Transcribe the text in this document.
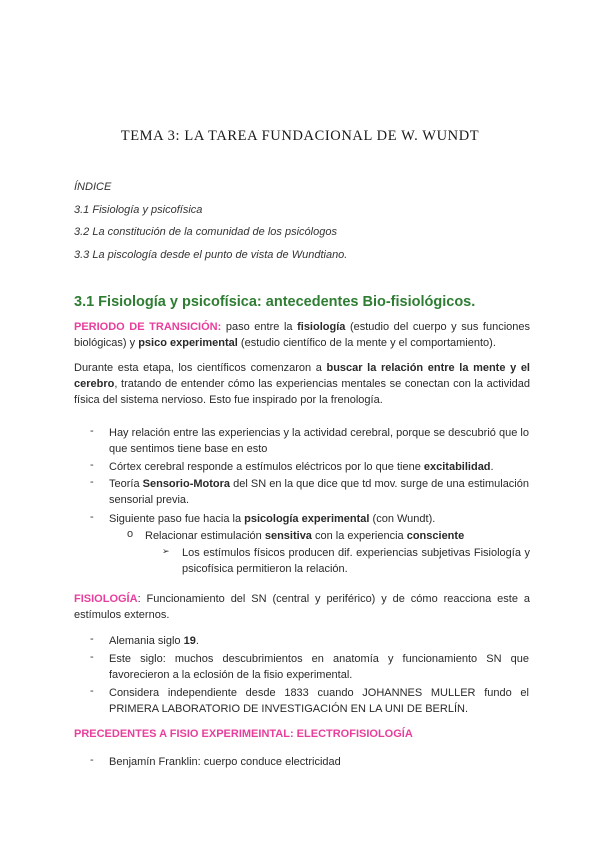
TEMA 3: LA TAREA FUNDACIONAL DE W. WUNDT
ÍNDICE
3.1 Fisiología y psicofísica
3.2 La constitución de la comunidad de los psicólogos
3.3 La piscología desde el punto de vista de Wundtiano.
3.1 Fisiología y psicofísica: antecedentes Bio-fisiológicos.
PERIODO DE TRANSICIÓN: paso entre la fisiología (estudio del cuerpo y sus funciones biológicas) y psico experimental (estudio científico de la mente y el comportamiento).
Durante esta etapa, los científicos comenzaron a buscar la relación entre la mente y el cerebro, tratando de entender cómo las experiencias mentales se conectan con la actividad física del sistema nervioso. Esto fue inspirado por la frenología.
- Hay relación entre las experiencias y la actividad cerebral, porque se descubrió que lo que sentimos tiene base en esto
- Córtex cerebral responde a estímulos eléctricos por lo que tiene excitabilidad.
- Teoría Sensorio-Motora del SN en la que dice que td mov. surge de una estimulación sensorial previa.
- Siguiente paso fue hacia la psicología experimental (con Wundt).
o Relacionar estimulación sensitiva con la experiencia consciente
➢ Los estímulos físicos producen dif. experiencias subjetivas Fisiología y psicofísica permitieron la relación.
FISIOLOGÍA: Funcionamiento del SN (central y periférico) y de cómo reacciona este a estímulos externos.
- Alemania siglo 19.
- Este siglo: muchos descubrimientos en anatomía y funcionamiento SN que favorecieron a la eclosión de la fisio experimental.
- Considera independiente desde 1833 cuando JOHANNES MULLER fundo el PRIMERA LABORATORIO DE INVESTIGACIÓN EN LA UNI DE BERLÍN.
PRECEDENTES A FISIO EXPERIMEINTAL: ELECTROFISIOLOGÍA
- Benjamín Franklin: cuerpo conduce electricidad
